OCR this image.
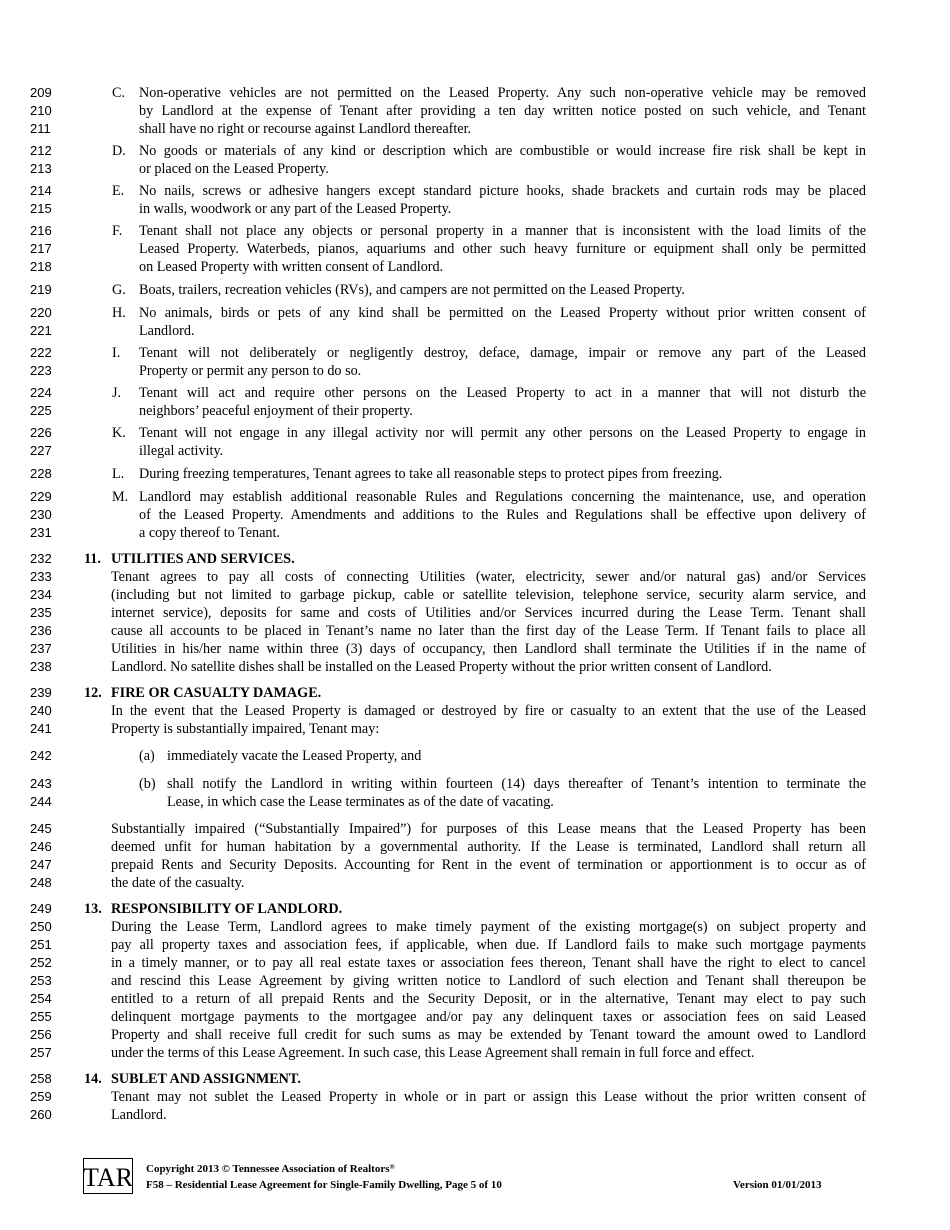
209	C. Non-operative vehicles are not permitted on the Leased Property. Any such non-operative vehicle may be removed
210	by Landlord at the expense of Tenant after providing a ten day written notice posted on such vehicle, and Tenant
211	shall have no right or recourse against Landlord thereafter.
212	D. No goods or materials of any kind or description which are combustible or would increase fire risk shall be kept in
213	or placed on the Leased Property.
214	E. No nails, screws or adhesive hangers except standard picture hooks, shade brackets and curtain rods may be placed
215	in walls, woodwork or any part of the Leased Property.
216	F. Tenant shall not place any objects or personal property in a manner that is inconsistent with the load limits of the
217	Leased Property. Waterbeds, pianos, aquariums and other such heavy furniture or equipment shall only be permitted
218	on Leased Property with written consent of Landlord.
219	G. Boats, trailers, recreation vehicles (RVs), and campers are not permitted on the Leased Property.
220	H. No animals, birds or pets of any kind shall be permitted on the Leased Property without prior written consent of
221	Landlord.
222	I. Tenant will not deliberately or negligently destroy, deface, damage, impair or remove any part of the Leased
223	Property or permit any person to do so.
224	J. Tenant will act and require other persons on the Leased Property to act in a manner that will not disturb the
225	neighbors’ peaceful enjoyment of their property.
226	K. Tenant will not engage in any illegal activity nor will permit any other persons on the Leased Property to engage in
227	illegal activity.
228	L. During freezing temperatures, Tenant agrees to take all reasonable steps to protect pipes from freezing.
229	M. Landlord may establish additional reasonable Rules and Regulations concerning the maintenance, use, and operation
230	of the Leased Property. Amendments and additions to the Rules and Regulations shall be effective upon delivery of
231	a copy thereof to Tenant.
232	11. UTILITIES AND SERVICES.
233	Tenant agrees to pay all costs of connecting Utilities (water, electricity, sewer and/or natural gas) and/or Services
234	(including but not limited to garbage pickup, cable or satellite television, telephone service, security alarm service, and
235	internet service), deposits for same and costs of Utilities and/or Services incurred during the Lease Term. Tenant shall
236	cause all accounts to be placed in Tenant’s name no later than the first day of the Lease Term. If Tenant fails to place all
237	Utilities in his/her name within three (3) days of occupancy, then Landlord shall terminate the Utilities if in the name of
238	Landlord. No satellite dishes shall be installed on the Leased Property without the prior written consent of Landlord.
239	12. FIRE OR CASUALTY DAMAGE.
240	In the event that the Leased Property is damaged or destroyed by fire or casualty to an extent that the use of the Leased
241	Property is substantially impaired, Tenant may:
242	(a) immediately vacate the Leased Property, and
243	(b) shall notify the Landlord in writing within fourteen (14) days thereafter of Tenant’s intention to terminate the
244	Lease, in which case the Lease terminates as of the date of vacating.
245	Substantially impaired (“Substantially Impaired”) for purposes of this Lease means that the Leased Property has been
246	deemed unfit for human habitation by a governmental authority. If the Lease is terminated, Landlord shall return all
247	prepaid Rents and Security Deposits. Accounting for Rent in the event of termination or apportionment is to occur as of
248	the date of the casualty.
249	13. RESPONSIBILITY OF LANDLORD.
250	During the Lease Term, Landlord agrees to make timely payment of the existing mortgage(s) on subject property and
251	pay all property taxes and association fees, if applicable, when due. If Landlord fails to make such mortgage payments
252	in a timely manner, or to pay all real estate taxes or association fees thereon, Tenant shall have the right to elect to cancel
253	and rescind this Lease Agreement by giving written notice to Landlord of such election and Tenant shall thereupon be
254	entitled to a return of all prepaid Rents and the Security Deposit, or in the alternative, Tenant may elect to pay such
255	delinquent mortgage payments to the mortgagee and/or pay any delinquent taxes or association fees on said Leased
256	Property and shall receive full credit for such sums as may be extended by Tenant toward the amount owed to Landlord
257	under the terms of this Lease Agreement. In such case, this Lease Agreement shall remain in full force and effect.
258	14. SUBLET AND ASSIGNMENT.
259	Tenant may not sublet the Leased Property in whole or in part or assign this Lease without the prior written consent of
260	Landlord.
TAR Copyright 2013 © Tennessee Association of Realtors®
F58 – Residential Lease Agreement for Single-Family Dwelling, Page 5 of 10	Version 01/01/2013
